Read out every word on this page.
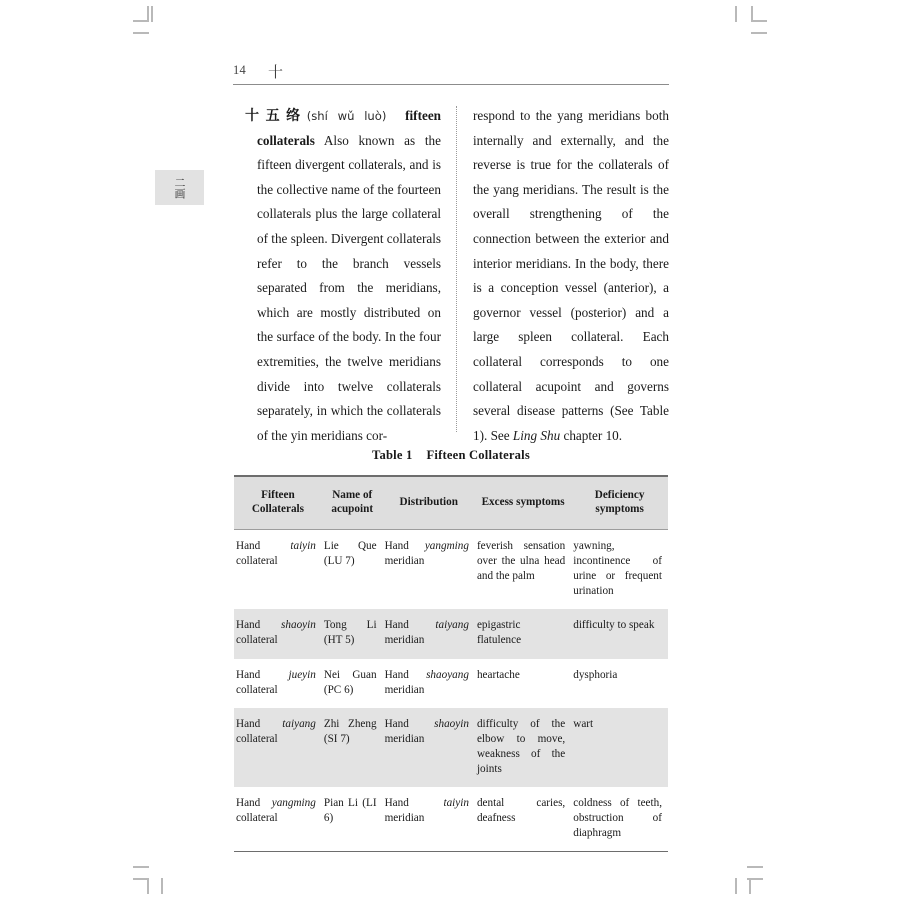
14 十
二画

十五络(shí wǔ luò) fifteen collaterals Also known as the fifteen divergent collaterals, and is the collective name of the fourteen collaterals plus the large collateral of the spleen. Divergent collaterals refer to the branch vessels separated from the meridians, which are mostly distributed on the surface of the body. In the four extremities, the twelve meridians divide into twelve collaterals separately, in which the collaterals of the yin meridians cor-

respond to the yang meridians both internally and externally, and the reverse is true for the collaterals of the yang meridians. The result is the overall strengthening of the connection between the exterior and interior meridians. In the body, there is a conception vessel (anterior), a governor vessel (posterior) and a large spleen collateral. Each collateral corresponds to one collateral acupoint and governs several disease patterns (See Table 1). See Ling Shu chapter 10.

Table 1 Fifteen Collaterals
Fifteen Collaterals	Name of acupoint	Distribution	Excess symptoms	Deficiency symptoms
Hand taiyin collateral	Lie Que (LU 7)	Hand yangming meridian	feverish sensation over the ulna head and the palm	yawning, incontinence of urine or frequent urination
Hand shaoyin collateral	Tong Li (HT 5)	Hand taiyang meridian	epigastric flatulence	difficulty to speak
Hand jueyin collateral	Nei Guan (PC 6)	Hand shaoyang meridian	heartache	dysphoria
Hand taiyang collateral	Zhi Zheng (SI 7)	Hand shaoyin meridian	difficulty of the elbow to move, weakness of the joints	wart
Hand yangming collateral	Pian Li (LI 6)	Hand taiyin meridian	dental caries, deafness	coldness of teeth, obstruction of diaphragm
